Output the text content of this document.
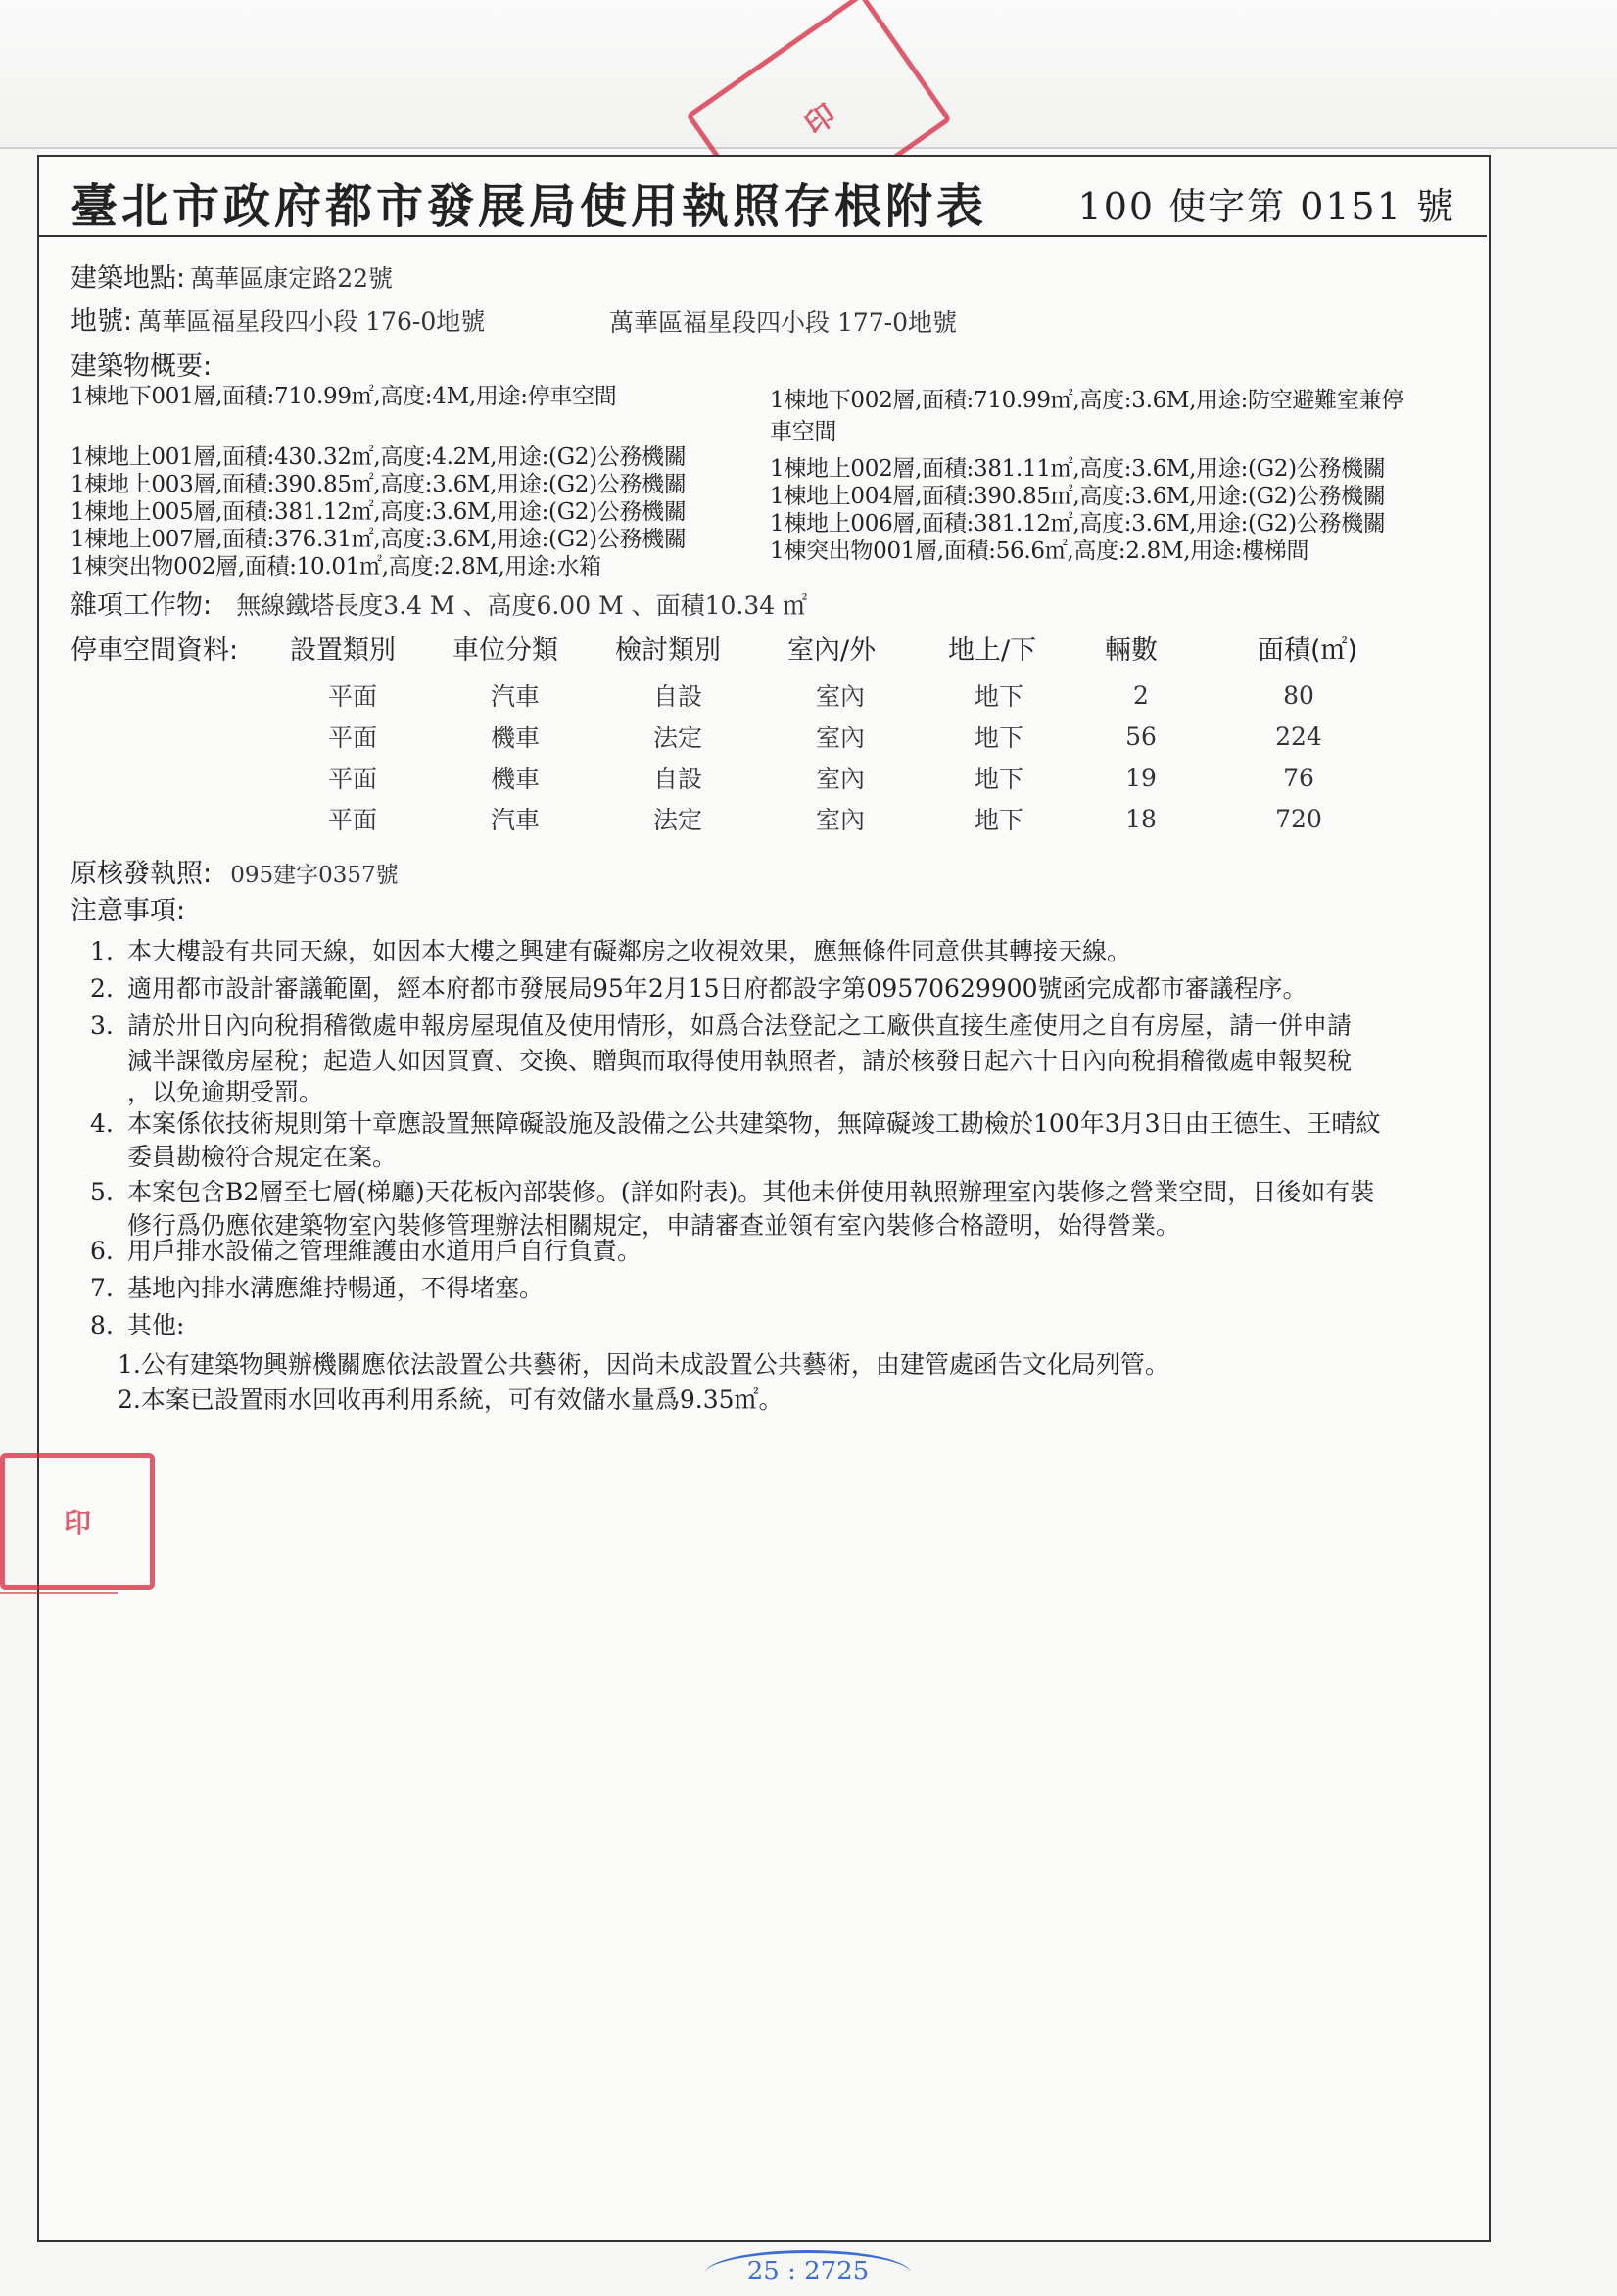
印
臺北市政府都市發展局使用執照存根附表 100 使字第 0151 號
建築地點: 萬華區康定路22號
地號: 萬華區福星段四小段 176-0地號	萬華區福星段四小段 177-0地號
建築物概要:
1棟地下001層,面積:710.99㎡,高度:4M,用途:停車空間
1棟地上001層,面積:430.32㎡,高度:4.2M,用途:(G2)公務機關
1棟地上003層,面積:390.85㎡,高度:3.6M,用途:(G2)公務機關
1棟地上005層,面積:381.12㎡,高度:3.6M,用途:(G2)公務機關
1棟地上007層,面積:376.31㎡,高度:3.6M,用途:(G2)公務機關
1棟突出物002層,面積:10.01㎡,高度:2.8M,用途:水箱
1棟地下002層,面積:710.99㎡,高度:3.6M,用途:防空避難室兼停
車空間
1棟地上002層,面積:381.11㎡,高度:3.6M,用途:(G2)公務機關
1棟地上004層,面積:390.85㎡,高度:3.6M,用途:(G2)公務機關
1棟地上006層,面積:381.12㎡,高度:3.6M,用途:(G2)公務機關
1棟突出物001層,面積:56.6㎡,高度:2.8M,用途:樓梯間
雜項工作物: 無線鐵塔長度3.4 M 、高度6.00 M 、面積10.34 ㎡
停車空間資料: 設置類別 車位分類 檢討類別	室內/外	地上/下	輛數	面積(㎡)
平面	汽車	自設	室內	地下	2	80
平面	機車	法定	室內	地下	56	224
平面	機車	自設	室內	地下	19	76
平面	汽車	法定	室內	地下	18	720
原核發執照: 095建字0357號
注意事項:
1. 本大樓設有共同天線，如因本大樓之興建有礙鄰房之收視效果，應無條件同意供其轉接天線。
2. 適用都市設計審議範圍，經本府都市發展局95年2月15日府都設字第09570629900號函完成都市審議程序。
3. 請於卅日內向稅捐稽徵處申報房屋現值及使用情形，如爲合法登記之工廠供直接生產使用之自有房屋，請一併申請
減半課徵房屋稅；起造人如因買賣、交換、贈與而取得使用執照者，請於核發日起六十日內向稅捐稽徵處申報契稅
，以免逾期受罰。
4. 本案係依技術規則第十章應設置無障礙設施及設備之公共建築物，無障礙竣工勘檢於100年3月3日由王德生、王晴紋
委員勘檢符合規定在案。
5. 本案包含B2層至七層(梯廳)天花板內部裝修。(詳如附表)。其他未併使用執照辦理室內裝修之營業空間，日後如有裝
修行爲仍應依建築物室內裝修管理辦法相關規定，申請審查並領有室內裝修合格證明，始得營業。
6. 用戶排水設備之管理維護由水道用戶自行負責。
7. 基地內排水溝應維持暢通，不得堵塞。
8. 其他:
1.公有建築物興辦機關應依法設置公共藝術，因尚未成設置公共藝術，由建管處函告文化局列管。
2.本案已設置雨水回收再利用系統，可有效儲水量爲9.35㎡。
印
25 : 2725
